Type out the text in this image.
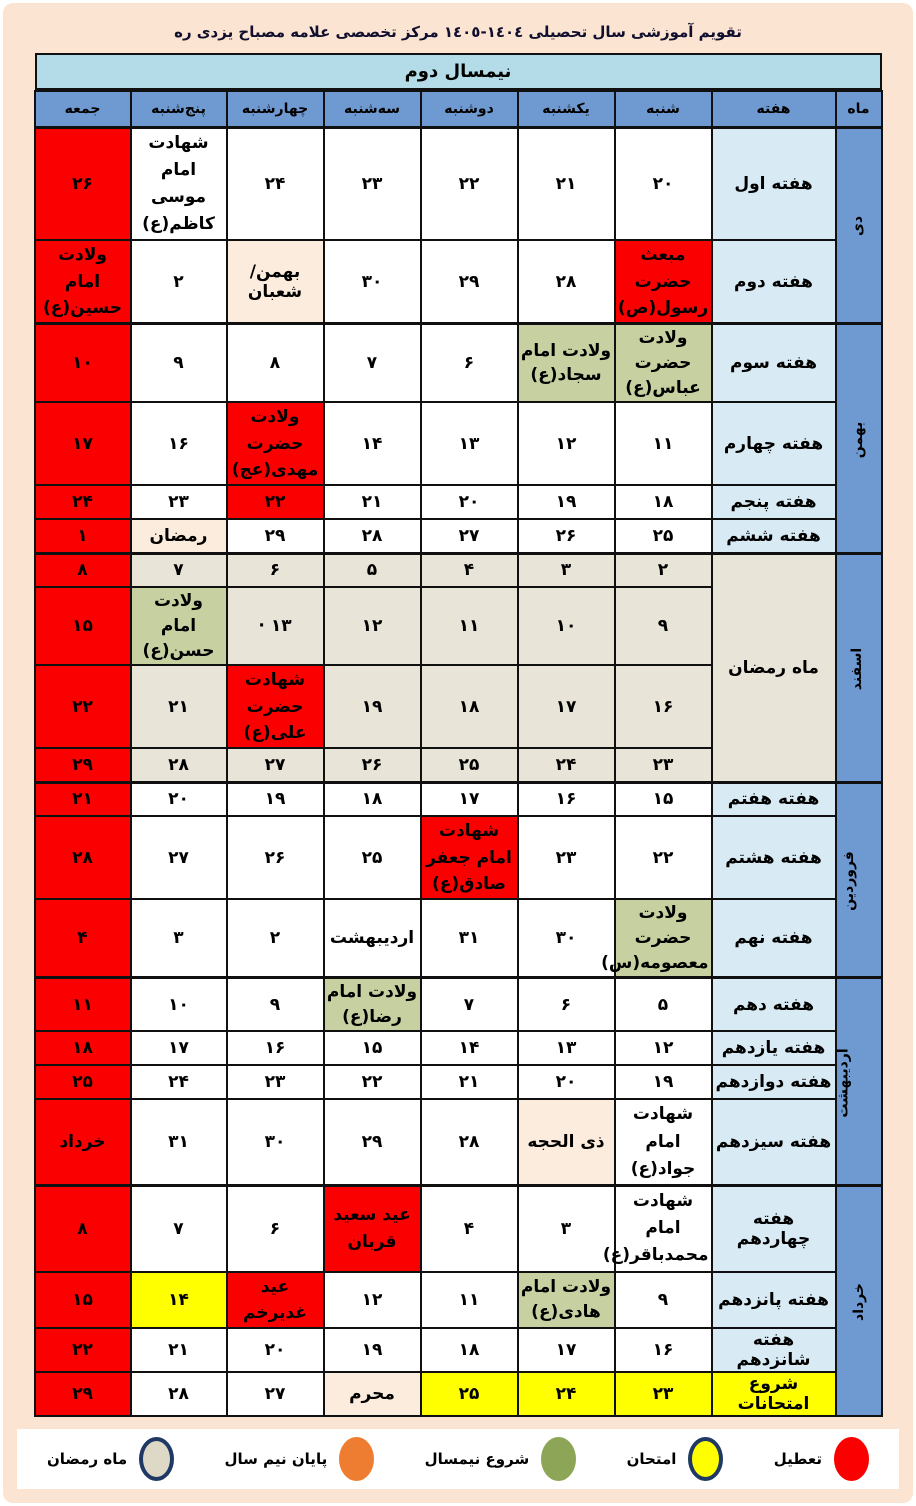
تقویم آموزشی سال تحصیلی ١٤٠٤-١٤٠٥ مرکز تخصصی علامه مصباح یزدی ره
نیمسال دوم
ماه	هفته	شنبه	یکشنبه	دوشنبه	سه‌شنبه	چهارشنبه	پنج‌شنبه	جمعه
دی	هفته اول	۲۰	۲۱	۲۲	۲۳	۲۴	شهادت امام موسی کاظم(ع)	۲۶
	هفته دوم	مبعث حضرت رسول(ص)	۲۸	۲۹	۳۰	بهمن/شعبان	۲	ولادت امام حسین(ع)
بهمن	هفته سوم	ولادت حضرت عباس(ع)	ولادت امام سجاد(ع)	۶	۷	۸	۹	۱۰
	هفته چهارم	۱۱	۱۲	۱۳	۱۴	ولادت حضرت مهدی(عج)	۱۶	۱۷
	هفته پنجم	۱۸	۱۹	۲۰	۲۱	۲۲	۲۳	۲۴
	هفته ششم	۲۵	۲۶	۲۷	۲۸	۲۹	رمضان	۱
اسفند	ماه رمضان	۲	۳	۴	۵	۶	۷	۸
		۹	۱۰	۱۱	۱۲	۱۳ ·	ولادت امام حسن(ع)	۱۵
		۱۶	۱۷	۱۸	۱۹	شهادت حضرت علی(ع)	۲۱	۲۲
		۲۳	۲۴	۲۵	۲۶	۲۷	۲۸	۲۹
فروردین	هفته هفتم	۱۵	۱۶	۱۷	۱۸	۱۹	۲۰	۲۱
	هفته هشتم	۲۲	۲۳	شهادت امام جعفر صادق(ع)	۲۵	۲۶	۲۷	۲۸
	هفته نهم	ولادت حضرت معصومه(س)	۳۰	۳۱	اردیبهشت	۲	۳	۴
اردیبهشت	هفته دهم	۵	۶	۷	ولادت امام رضا(ع)	۹	۱۰	۱۱
	هفته یازدهم	۱۲	۱۳	۱۴	۱۵	۱۶	۱۷	۱۸
	هفته دوازدهم	۱۹	۲۰	۲۱	۲۲	۲۳	۲۴	۲۵
	هفته سیزدهم	شهادت امام جواد(ع)	ذی الحجه	۲۸	۲۹	۳۰	۳۱	خرداد
خرداد	هفته چهاردهم	شهادت امام محمدباقر(ع)	۳	۴	عید سعید قربان	۶	۷	۸
	هفته پانزدهم	۹	ولادت امام هادی(ع)	۱۱	۱۲	عید غدیرخم	۱۴	۱۵
	هفته شانزدهم	۱۶	۱۷	۱۸	۱۹	۲۰	۲۱	۲۲
	شروع امتحانات	۲۳	۲۴	۲۵	محرم	۲۷	۲۸	۲۹
تعطیل
امتحان
شروع نیمسال
پایان نیم سال
ماه رمضان
